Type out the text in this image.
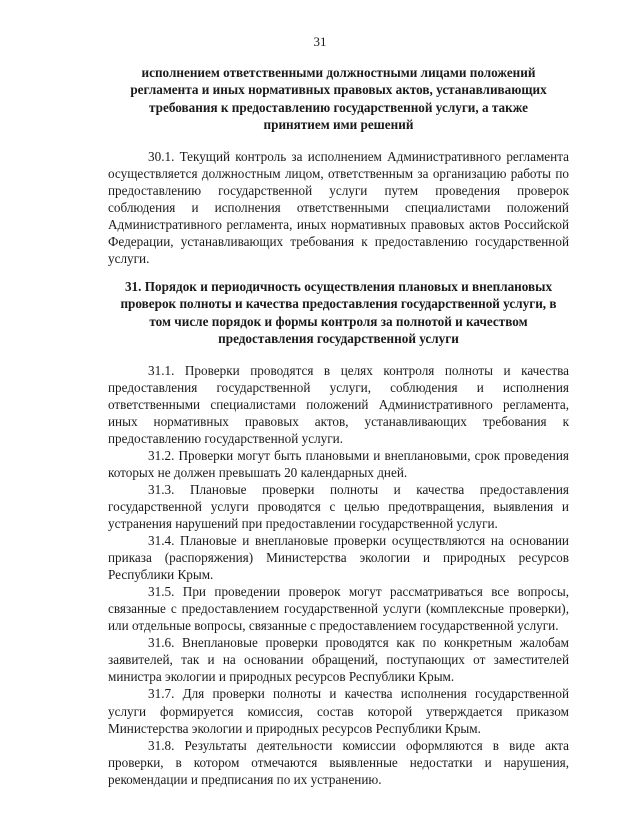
31
исполнением ответственными должностными лицами положений
регламента и иных нормативных правовых актов, устанавливающих
требования к предоставлению государственной услуги, а также
принятием ими решений

30.1. Текущий контроль за исполнением Административного регламента осуществляется должностным лицом, ответственным за организацию работы по предоставлению государственной услуги путем проведения проверок соблюдения и исполнения ответственными специалистами положений Административного регламента, иных нормативных правовых актов Российской Федерации, устанавливающих требования к предоставлению государственной услуги.

31. Порядок и периодичность осуществления плановых и внеплановых
проверок полноты и качества предоставления государственной услуги, в
том числе порядок и формы контроля за полнотой и качеством
предоставления государственной услуги

31.1. Проверки проводятся в целях контроля полноты и качества предоставления государственной услуги, соблюдения и исполнения ответственными специалистами положений Административного регламента, иных нормативных правовых актов, устанавливающих требования к предоставлению государственной услуги.

31.2. Проверки могут быть плановыми и внеплановыми, срок проведения которых не должен превышать 20 календарных дней.

31.3. Плановые проверки полноты и качества предоставления государственной услуги проводятся с целью предотвращения, выявления и устранения нарушений при предоставлении государственной услуги.

31.4. Плановые и внеплановые проверки осуществляются на основании приказа (распоряжения) Министерства экологии и природных ресурсов Республики Крым.

31.5. При проведении проверок могут рассматриваться все вопросы, связанные с предоставлением государственной услуги (комплексные проверки), или отдельные вопросы, связанные с предоставлением государственной услуги.

31.6. Внеплановые проверки проводятся как по конкретным жалобам заявителей, так и на основании обращений, поступающих от заместителей министра экологии и природных ресурсов Республики Крым.

31.7. Для проверки полноты и качества исполнения государственной услуги формируется комиссия, состав которой утверждается приказом Министерства экологии и природных ресурсов Республики Крым.

31.8. Результаты деятельности комиссии оформляются в виде акта проверки, в котором отмечаются выявленные недостатки и нарушения, рекомендации и предписания по их устранению.
